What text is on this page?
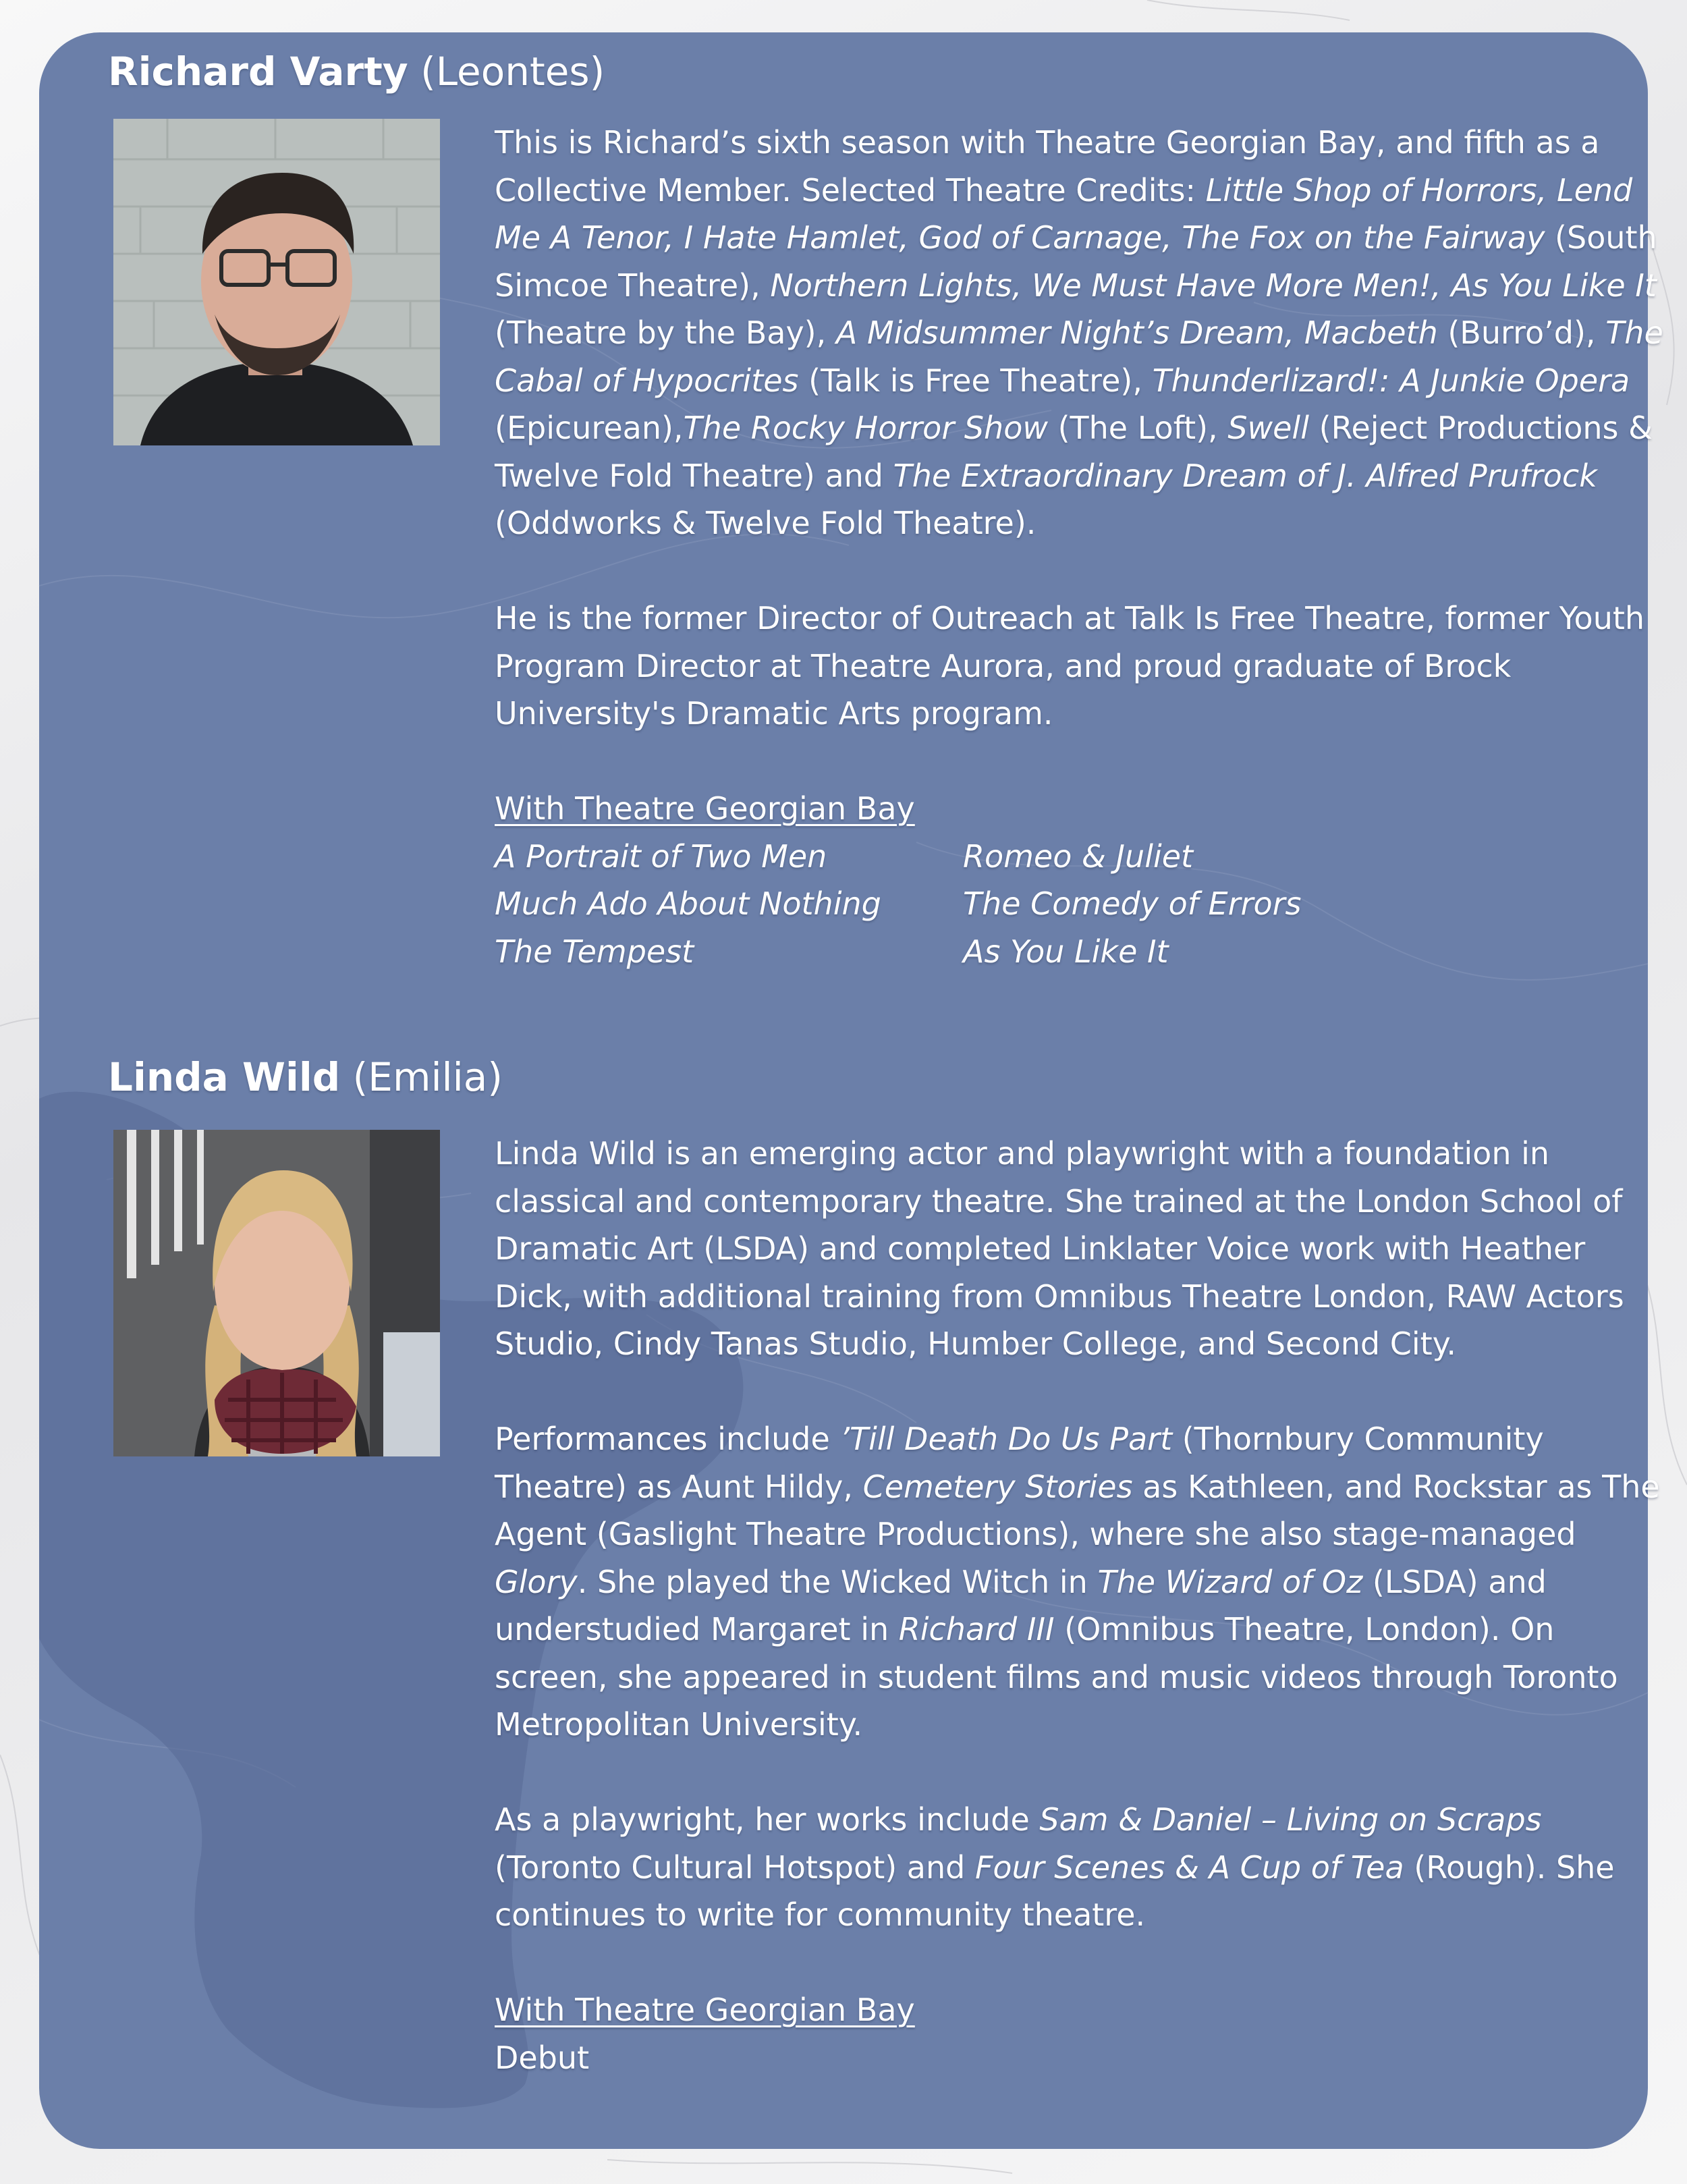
Richard Varty (Leontes)

This is Richard’s sixth season with Theatre Georgian Bay, and fifth as a Collective Member. Selected Theatre Credits: Little Shop of Horrors, Lend Me A Tenor, I Hate Hamlet, God of Carnage, The Fox on the Fairway (South Simcoe Theatre), Northern Lights, We Must Have More Men!, As You Like It (Theatre by the Bay), A Midsummer Night’s Dream, Macbeth (Burro’d), The Cabal of Hypocrites (Talk is Free Theatre), Thunderlizard!: A Junkie Opera (Epicurean),The Rocky Horror Show (The Loft), Swell (Reject Productions & Twelve Fold Theatre) and The Extraordinary Dream of J. Alfred Prufrock (Oddworks & Twelve Fold Theatre).

He is the former Director of Outreach at Talk Is Free Theatre, former Youth Program Director at Theatre Aurora, and proud graduate of Brock University's Dramatic Arts program.

With Theatre Georgian Bay

A Portrait of Two Men
Much Ado About Nothing
The Tempest
Romeo & Juliet
The Comedy of Errors
As You Like It
Linda Wild (Emilia)

Linda Wild is an emerging actor and playwright with a foundation in classical and contemporary theatre. She trained at the London School of Dramatic Art (LSDA) and completed Linklater Voice work with Heather Dick, with additional training from Omnibus Theatre London, RAW Actors Studio, Cindy Tanas Studio, Humber College, and Second City.

Performances include ’Till Death Do Us Part (Thornbury Community Theatre) as Aunt Hildy, Cemetery Stories as Kathleen, and Rockstar as The Agent (Gaslight Theatre Productions), where she also stage-managed Glory. She played the Wicked Witch in The Wizard of Oz (LSDA) and understudied Margaret in Richard III (Omnibus Theatre, London). On screen, she appeared in student films and music videos through Toronto Metropolitan University.

As a playwright, her works include Sam & Daniel – Living on Scraps (Toronto Cultural Hotspot) and Four Scenes & A Cup of Tea (Rough). She continues to write for community theatre.

With Theatre Georgian Bay

Debut
